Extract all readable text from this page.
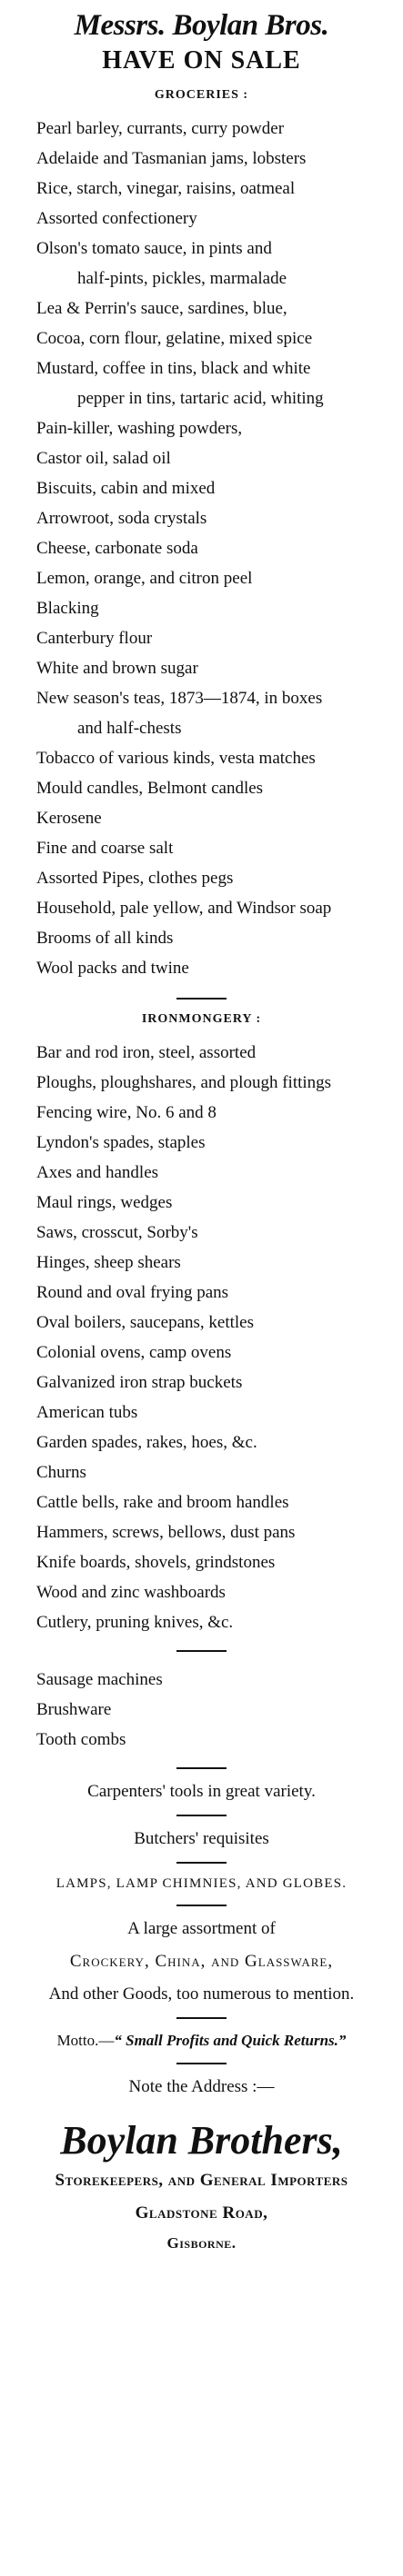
Messrs. Boylan Bros.
HAVE ON SALE
GROCERIES :
Pearl barley, currants, curry powder
Adelaide and Tasmanian jams, lobsters
Rice, starch, vinegar, raisins, oatmeal
Assorted confectionery
Olson's tomato sauce, in pints and
half-pints, pickles, marmalade
Lea & Perrin's sauce, sardines, blue,
Cocoa, corn flour, gelatine, mixed spice
Mustard, coffee in tins, black and white
pepper in tins, tartaric acid, whiting
Pain-killer, washing powders,
Castor oil, salad oil
Biscuits, cabin and mixed
Arrowroot, soda crystals
Cheese, carbonate soda
Lemon, orange, and citron peel
Blacking
Canterbury flour
White and brown sugar
New season's teas, 1873—1874, in boxes
and half-chests
Tobacco of various kinds, vesta matches
Mould candles, Belmont candles
Kerosene
Fine and coarse salt
Assorted Pipes, clothes pegs
Household, pale yellow, and Windsor soap
Brooms of all kinds
Wool packs and twine
IRONMONGERY :
Bar and rod iron, steel, assorted
Ploughs, ploughshares, and plough fittings
Fencing wire, No. 6 and 8
Lyndon's spades, staples
Axes and handles
Maul rings, wedges
Saws, crosscut, Sorby's
Hinges, sheep shears
Round and oval frying pans
Oval boilers, saucepans, kettles
Colonial ovens, camp ovens
Galvanized iron strap buckets
American tubs
Garden spades, rakes, hoes, &c.
Churns
Cattle bells, rake and broom handles
Hammers, screws, bellows, dust pans
Knife boards, shovels, grindstones
Wood and zinc washboards
Cutlery, pruning knives, &c.
Sausage machines
Brushware
Tooth combs
Carpenters' tools in great variety.
Butchers' requisites
LAMPS, LAMP CHIMNIES, AND GLOBES.
A large assortment of
Crockery, China, and Glassware,
And other Goods, too numerous to mention.
Motto.—“ Small Profits and Quick Returns.”
Note the Address :—
Boylan Brothers,
Storekeepers, and General Importers
Gladstone Road,
Gisborne.
